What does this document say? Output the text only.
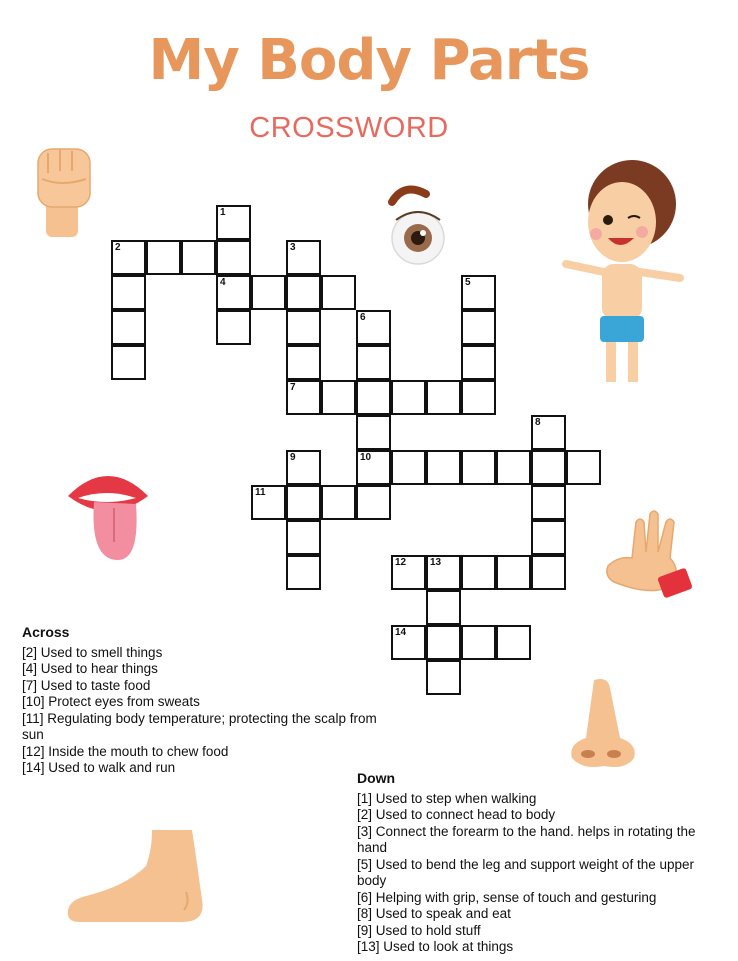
My Body Parts
CROSSWORD
1
2	3
4	5
6
7
8
9	10
11
12 13
14
Across
[2] Used to smell things
[4] Used to hear things
[7] Used to taste food
[10] Protect eyes from sweats
[11] Regulating body temperature; protecting the scalp from sun
[12] Inside the mouth to chew food
[14] Used to walk and run
Down
[1] Used to step when walking
[2] Used to connect head to body
[3] Connect the forearm to the hand. helps in rotating the hand
[5] Used to bend the leg and support weight of the upper body
[6] Helping with grip, sense of touch and gesturing
[8] Used to speak and eat
[9] Used to hold stuff
[13] Used to look at things
